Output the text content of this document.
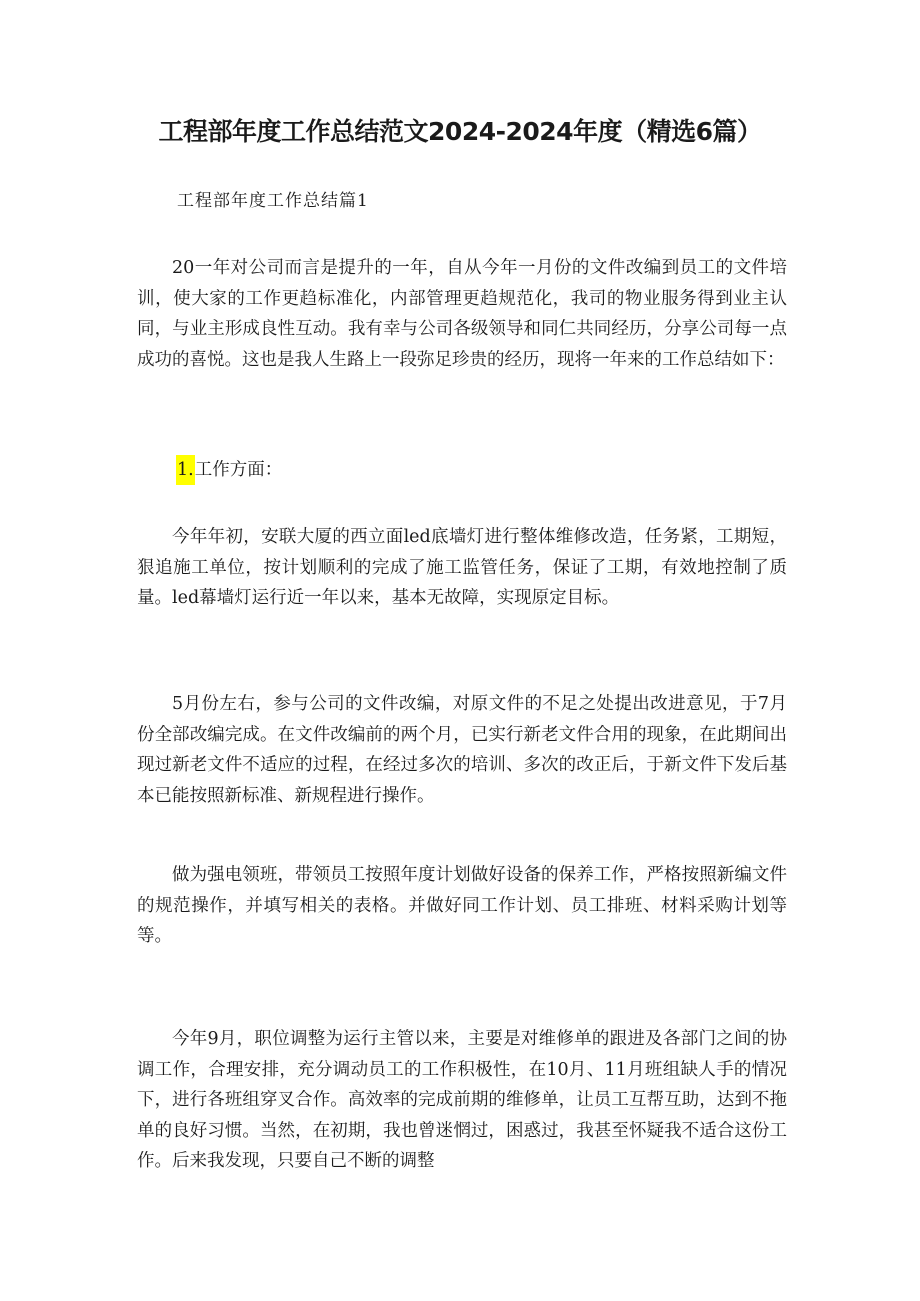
工程部年度工作总结范文2024-2024年度（精选6篇）

工程部年度工作总结篇1

20一年对公司而言是提升的一年，自从今年一月份的文件改编到员工的文件培训，使大家的工作更趋标准化，内部管理更趋规范化，我司的物业服务得到业主认同，与业主形成良性互动。我有幸与公司各级领导和同仁共同经历，分享公司每一点成功的喜悦。这也是我人生路上一段弥足珍贵的经历，现将一年来的工作总结如下：

1.工作方面：

今年年初，安联大厦的西立面led底墙灯进行整体维修改造，任务紧，工期短，狠追施工单位，按计划顺利的完成了施工监管任务，保证了工期，有效地控制了质量。led幕墙灯运行近一年以来，基本无故障，实现原定目标。

5月份左右，参与公司的文件改编，对原文件的不足之处提出改进意见，于7月份全部改编完成。在文件改编前的两个月，已实行新老文件合用的现象，在此期间出现过新老文件不适应的过程，在经过多次的培训、多次的改正后，于新文件下发后基本已能按照新标准、新规程进行操作。

做为强电领班，带领员工按照年度计划做好设备的保养工作，严格按照新编文件的规范操作，并填写相关的表格。并做好同工作计划、员工排班、材料采购计划等等。

今年9月，职位调整为运行主管以来，主要是对维修单的跟进及各部门之间的协调工作，合理安排，充分调动员工的工作积极性，在10月、11月班组缺人手的情况下，进行各班组穿叉合作。高效率的完成前期的维修单，让员工互帮互助，达到不拖单的良好习惯。当然，在初期，我也曾迷惘过，困惑过，我甚至怀疑我不适合这份工作。后来我发现，只要自己不断的调整
